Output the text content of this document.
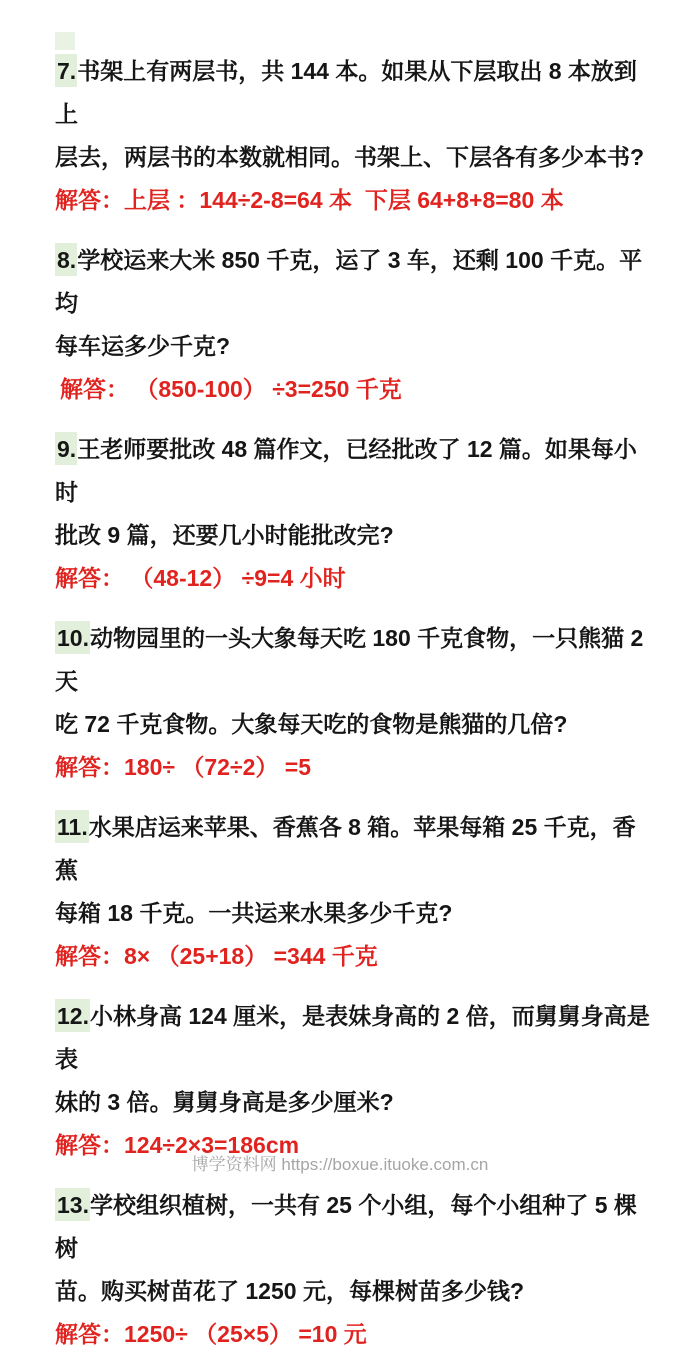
7.书架上有两层书，共 144 本。如果从下层取出 8 本放到上
层去，两层书的本数就相同。书架上、下层各有多少本书?

解答：上层 ：144÷2-8=64 本  下层 64+8+8=80 本

8.学校运来大米 850 千克，运了 3 车，还剩 100 千克。平均
每车运多少千克?

解答： （850-100） ÷3=250 千克

9.王老师要批改 48 篇作文，已经批改了 12 篇。如果每小时
批改 9 篇，还要几小时能批改完?

解答： （48-12） ÷9=4 小时

10.动物园里的一头大象每天吃 180 千克食物，一只熊猫 2 天
吃 72 千克食物。大象每天吃的食物是熊猫的几倍?

解答：180÷ （72÷2） =5

11.水果店运来苹果、香蕉各 8 箱。苹果每箱 25 千克，香蕉
每箱 18 千克。一共运来水果多少千克?

解答：8× （25+18） =344 千克

12.小林身高 124 厘米，是表妹身高的 2 倍，而舅舅身高是表
妹的 3 倍。舅舅身高是多少厘米?

解答：124÷2×3=186cm

13.学校组织植树，一共有 25 个小组，每个小组种了 5 棵树
苗。购买树苗花了 1250 元，每棵树苗多少钱?

解答：1250÷ （25×5） =10 元

博学资料网 https://boxue.ituoke.com.cn
